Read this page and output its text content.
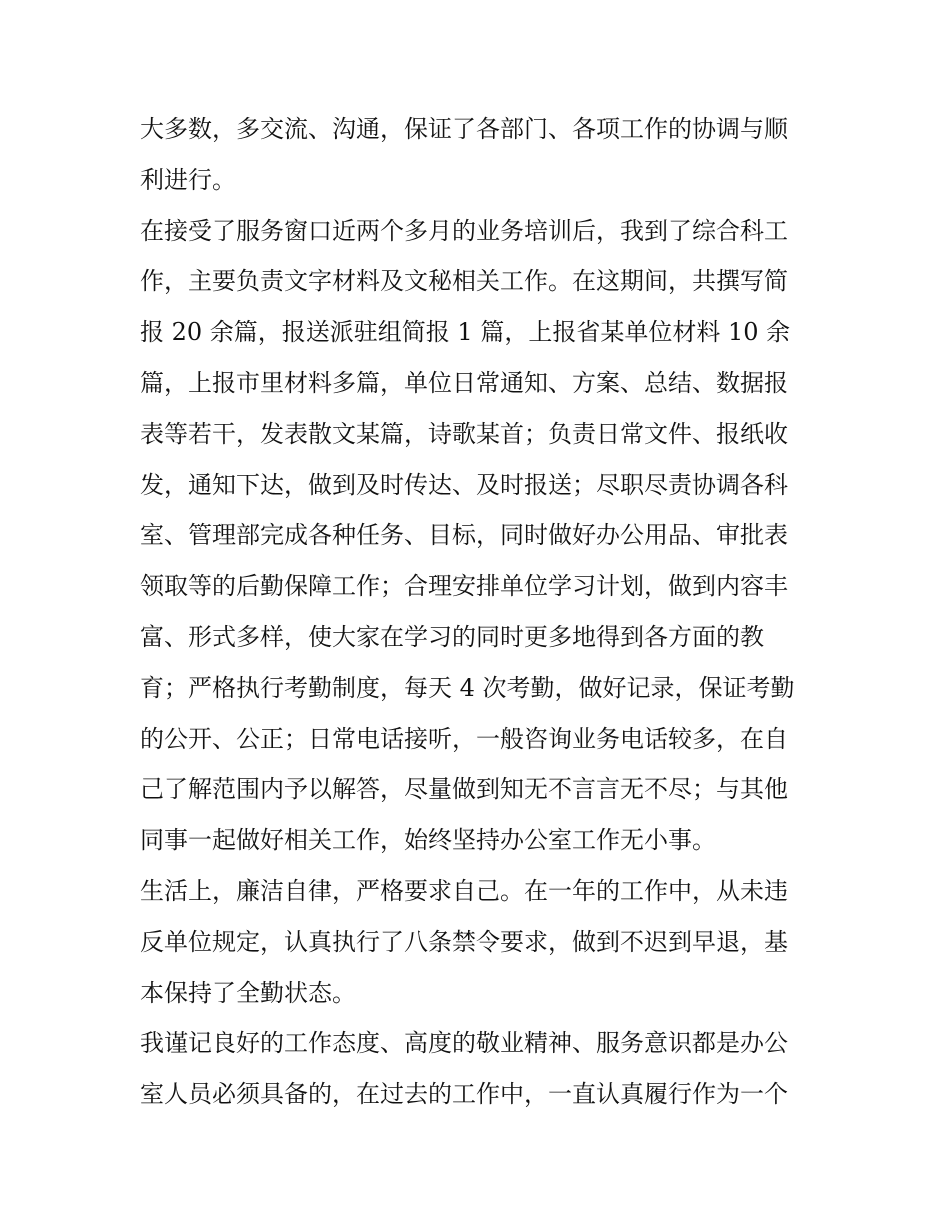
大多数，多交流、沟通，保证了各部门、各项工作的协调与顺
利进行。
在接受了服务窗口近两个多月的业务培训后，我到了综合科工
作，主要负责文字材料及文秘相关工作。在这期间，共撰写简
报 20 余篇，报送派驻组简报 1 篇，上报省某单位材料 10 余
篇，上报市里材料多篇，单位日常通知、方案、总结、数据报
表等若干，发表散文某篇，诗歌某首；负责日常文件、报纸收
发，通知下达，做到及时传达、及时报送；尽职尽责协调各科
室、管理部完成各种任务、目标，同时做好办公用品、审批表
领取等的后勤保障工作；合理安排单位学习计划，做到内容丰
富、形式多样，使大家在学习的同时更多地得到各方面的教
育；严格执行考勤制度，每天 4 次考勤，做好记录，保证考勤
的公开、公正；日常电话接听，一般咨询业务电话较多，在自
己了解范围内予以解答，尽量做到知无不言言无不尽；与其他
同事一起做好相关工作，始终坚持办公室工作无小事。
生活上，廉洁自律，严格要求自己。在一年的工作中，从未违
反单位规定，认真执行了八条禁令要求，做到不迟到早退，基
本保持了全勤状态。
我谨记良好的工作态度、高度的敬业精神、服务意识都是办公
室人员必须具备的，在过去的工作中，一直认真履行作为一个
